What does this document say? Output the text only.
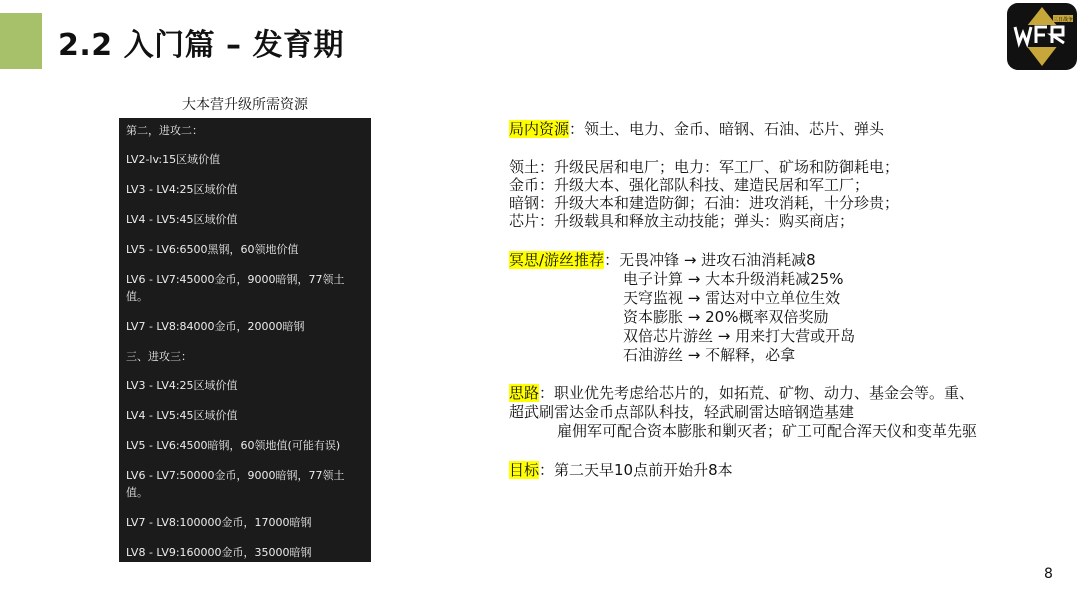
2.2 入门篇 – 发育期
三日战争
大本营升级所需资源
第二，进攻二：
LV2-lv:15区域价值
LV3 - LV4:25区域价值
LV4 - LV5:45区域价值
LV5 - LV6:6500黑钢，60领地价值
LV6 - LV7:45000金币，9000暗钢，77领土值。
LV7 - LV8:84000金币，20000暗钢
三、进攻三：
LV3 - LV4:25区域价值
LV4 - LV5:45区域价值
LV5 - LV6:4500暗钢，60领地值(可能有误)
LV6 - LV7:50000金币，9000暗钢，77领土值。
LV7 - LV8:100000金币，17000暗钢
LV8 - LV9:160000金币，35000暗钢
局内资源：领土、电力、金币、暗钢、石油、芯片、弹头
领土：升级民居和电厂；电力：军工厂、矿场和防御耗电；
金币：升级大本、强化部队科技、建造民居和军工厂；
暗钢：升级大本和建造防御；石油：进攻消耗，十分珍贵；
芯片：升级载具和释放主动技能；弹头：购买商店；
冥思/游丝推荐：无畏冲锋 → 进攻石油消耗减8
电子计算 → 大本升级消耗减25%
天穹监视 → 雷达对中立单位生效
资本膨胀 → 20%概率双倍奖励
双倍芯片游丝 → 用来打大营或开岛
石油游丝 → 不解释，必拿
思路：职业优先考虑给芯片的，如拓荒、矿物、动力、基金会等。重、
超武刷雷达金币点部队科技，轻武刷雷达暗钢造基建
雇佣军可配合资本膨胀和剿灭者；矿工可配合浑天仪和变革先驱
目标：第二天早10点前开始升8本
8
